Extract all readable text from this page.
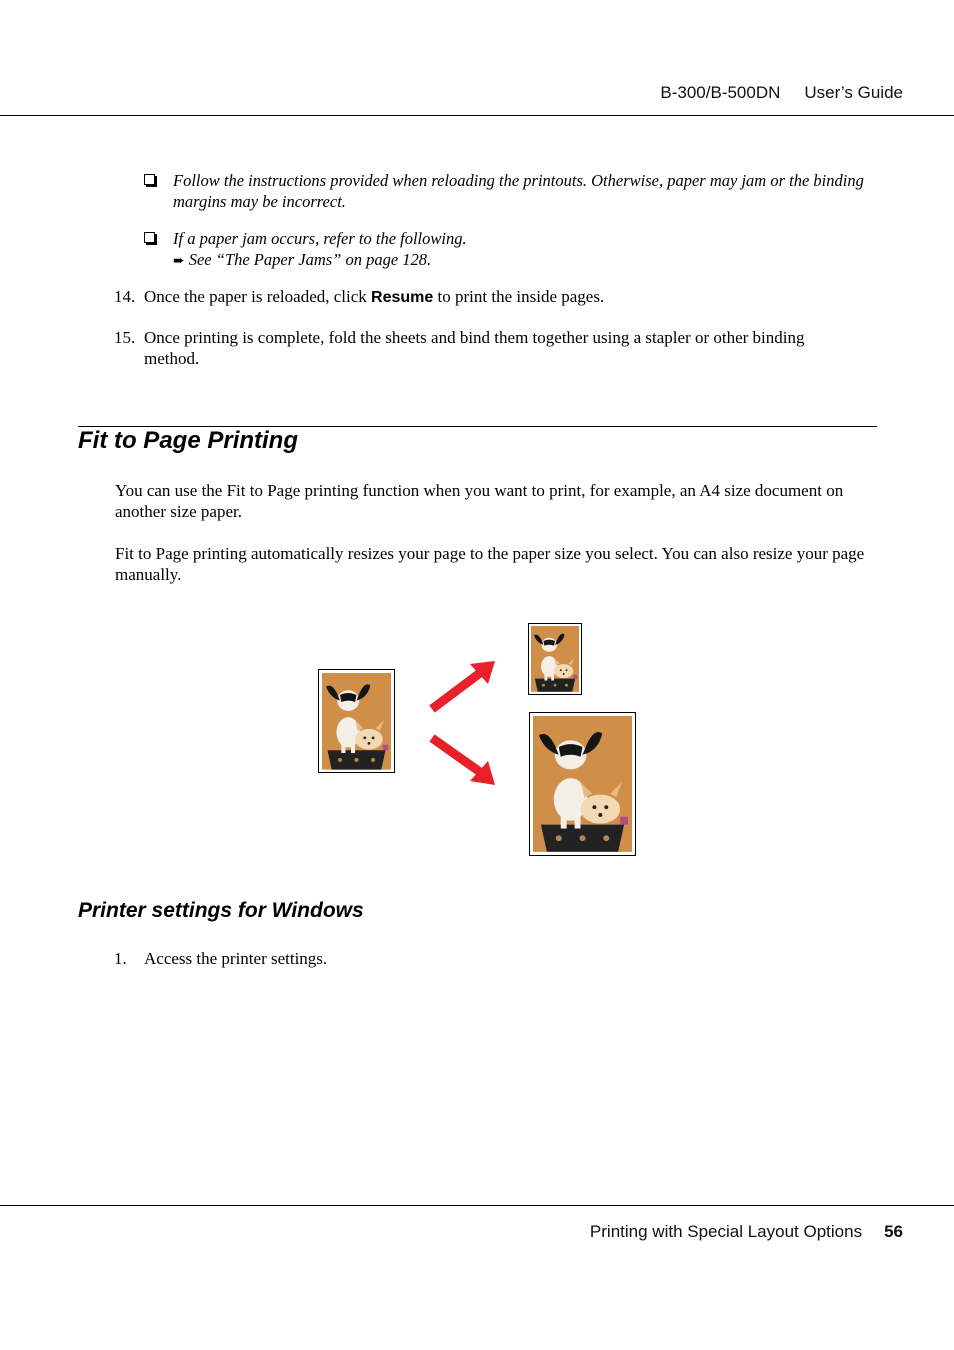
B-300/B-500DN User’s Guide
Follow the instructions provided when reloading the printouts. Otherwise, paper may jam or the binding margins may be incorrect.
If a paper jam occurs, refer to the following.
➨ See “The Paper Jams” on page 128.
14. Once the paper is reloaded, click Resume to print the inside pages.
15. Once printing is complete, fold the sheets and bind them together using a stapler or other binding method.
Fit to Page Printing
You can use the Fit to Page printing function when you want to print, for example, an A4 size document on another size paper.
Fit to Page printing automatically resizes your page to the paper size you select. You can also resize your page manually.
Printer settings for Windows
1. Access the printer settings.
Printing with Special Layout Options 56
